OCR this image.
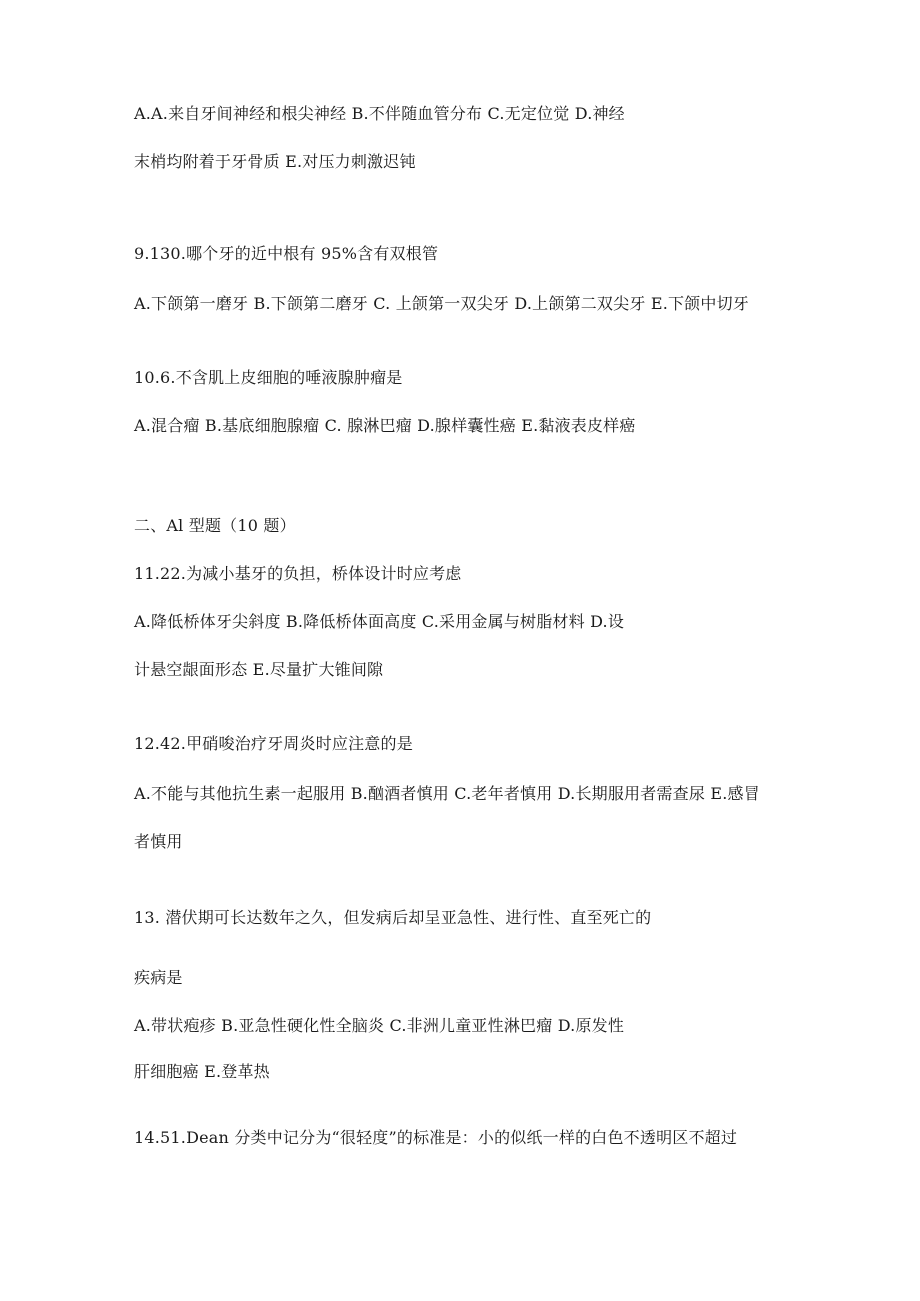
A.A.来自牙间神经和根尖神经 B.不伴随血管分布 C.无定位觉 D.神经

末梢均附着于牙骨质 E.对压力刺激迟钝

9.130.哪个牙的近中根有 95%含有双根管

A.下颌第一磨牙 B.下颌第二磨牙 C. 上颌第一双尖牙 D.上颌第二双尖牙 E.下颌中切牙

10.6.不含肌上皮细胞的唾液腺肿瘤是

A.混合瘤 B.基底细胞腺瘤 C. 腺淋巴瘤 D.腺样囊性癌 E.黏液表皮样癌

二、Al 型题（10 题）

11.22.为减小基牙的负担，桥体设计时应考虑

A.降低桥体牙尖斜度 B.降低桥体面高度 C.采用金属与树脂材料 D.设

计悬空龈面形态 E.尽量扩大锥间隙

12.42.甲硝唆治疗牙周炎时应注意的是

A.不能与其他抗生素一起服用 B.酗酒者慎用 C.老年者慎用 D.长期服用者需查尿 E.感冒

者慎用

13. 潜伏期可长达数年之久，但发病后却呈亚急性、进行性、直至死亡的

疾病是

A.带状疱疹 B.亚急性硬化性全脑炎 C.非洲儿童亚性淋巴瘤 D.原发性

肝细胞癌 E.登革热

14.51.Dean 分类中记分为“很轻度”的标准是：小的似纸一样的白色不透明区不超过
